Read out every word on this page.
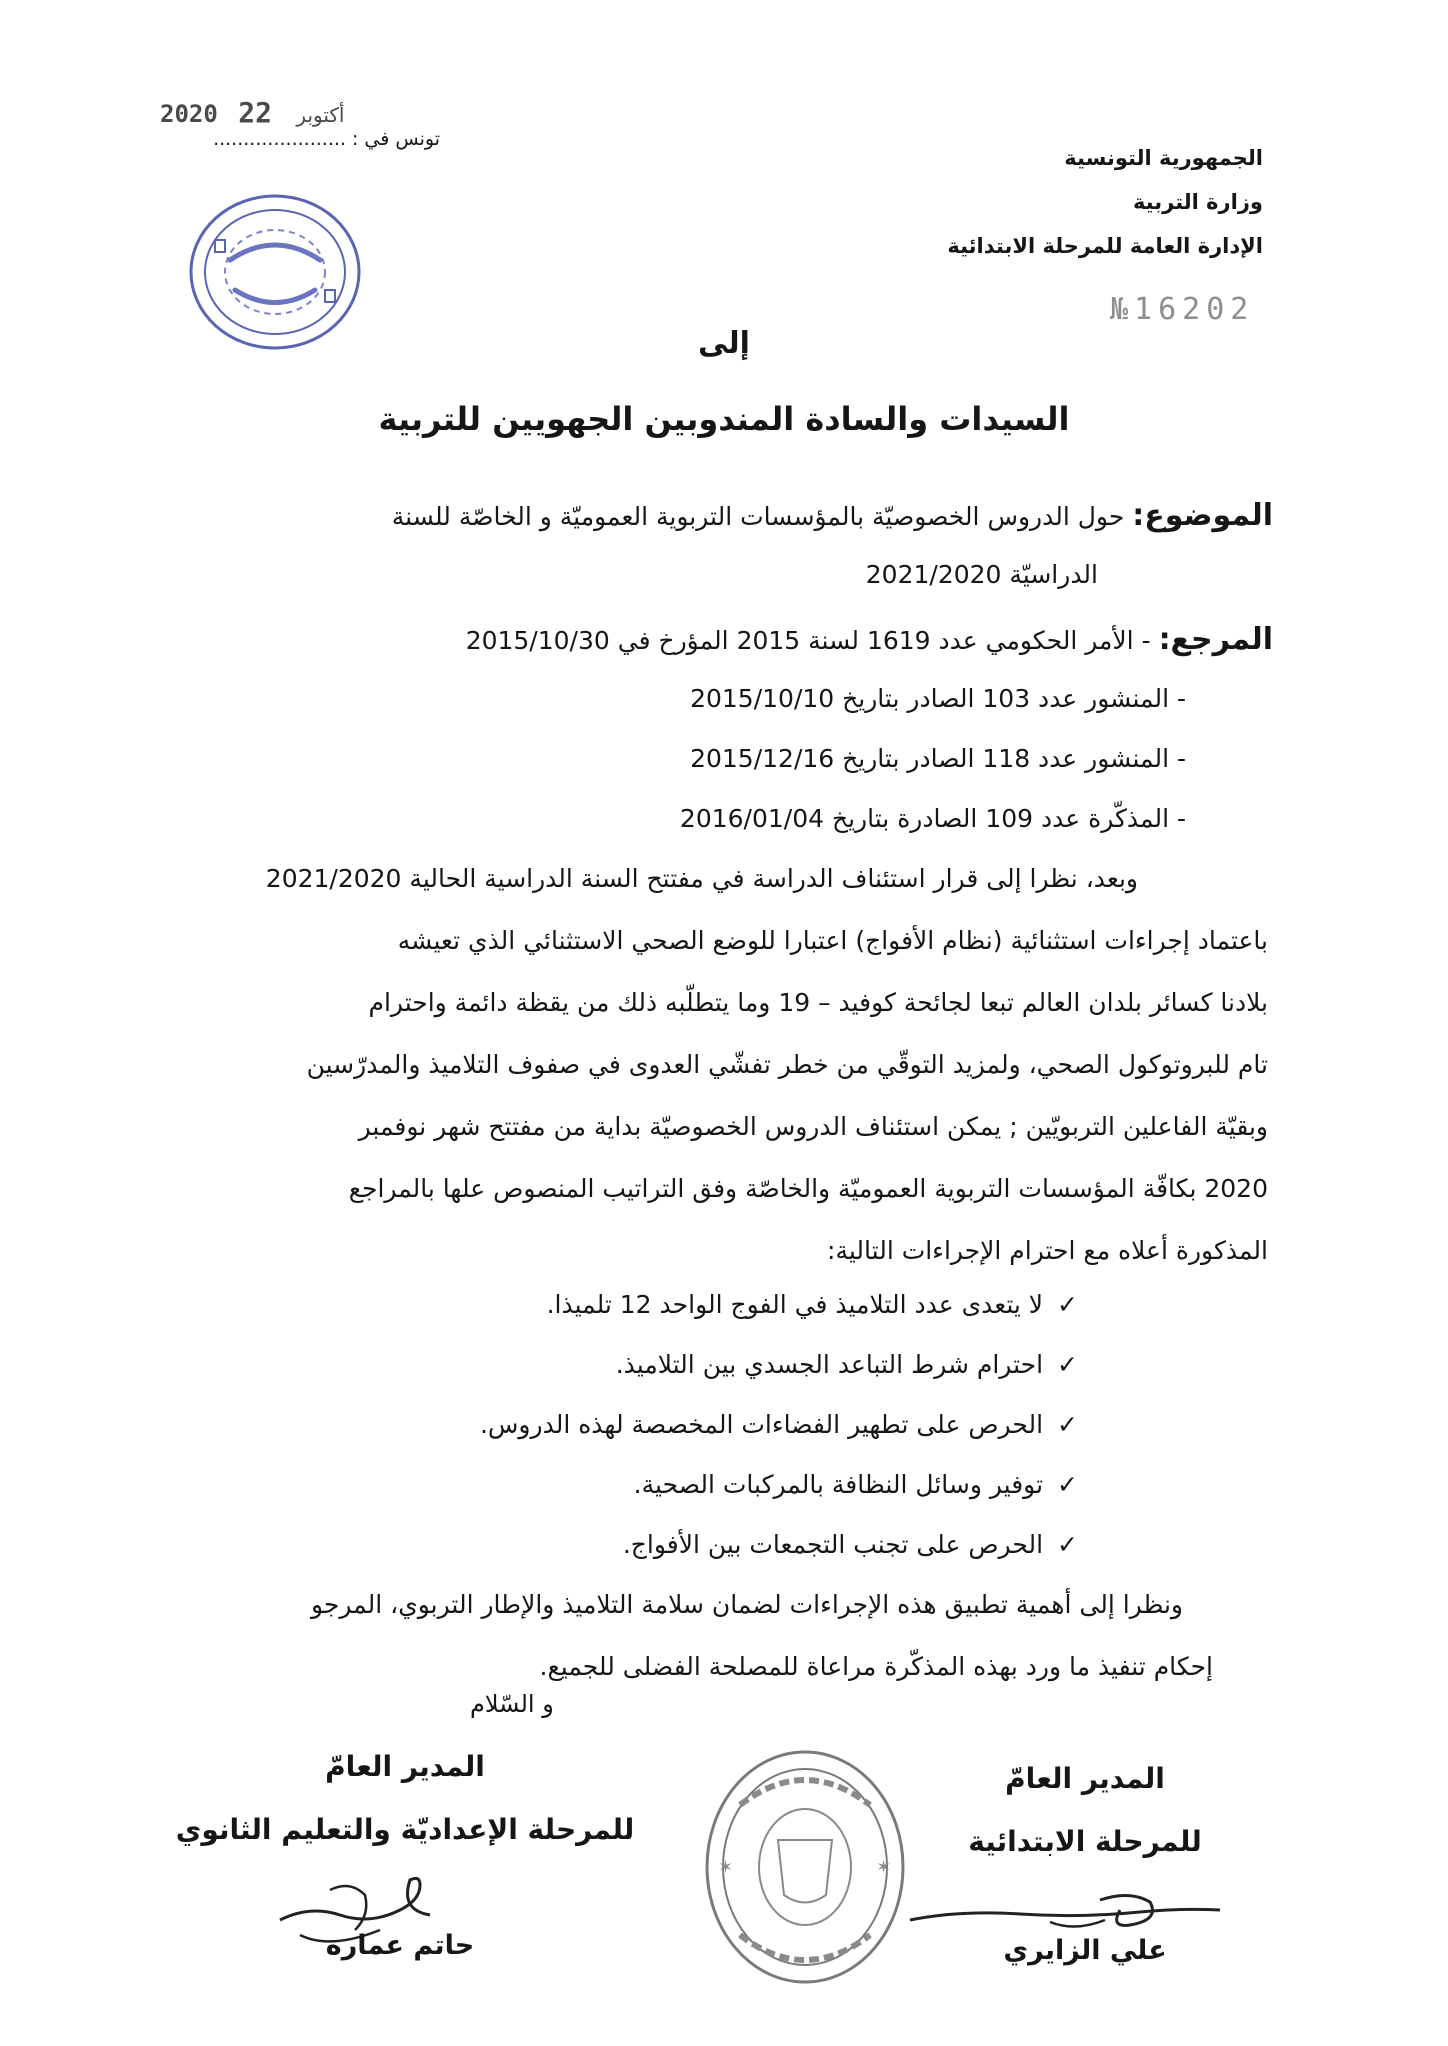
الجمهورية التونسية
وزارة التربية
الإدارة العامة للمرحلة الابتدائية
№16202
2020	أكتوبر 22
تونس في : ......................
إلى
السيدات والسادة المندوبين الجهويين للتربية
الموضوع: حول الدروس الخصوصيّة بالمؤسسات التربوية العموميّة و الخاصّة للسنة
الدراسيّة 2021/2020
المرجع: - الأمر الحكومي عدد 1619 لسنة 2015 المؤرخ في 2015/10/30
- المنشور عدد 103 الصادر بتاريخ 2015/10/10
- المنشور عدد 118 الصادر بتاريخ 2015/12/16
- المذكّرة عدد 109 الصادرة بتاريخ 2016/01/04
وبعد، نظرا إلى قرار استئناف الدراسة في مفتتح السنة الدراسية الحالية 2021/2020
باعتماد إجراءات استثنائية (نظام الأفواج) اعتبارا للوضع الصحي الاستثنائي الذي تعيشه
بلادنا كسائر بلدان العالم تبعا لجائحة كوفيد – 19 وما يتطلّبه ذلك من يقظة دائمة واحترام
تام للبروتوكول الصحي، ولمزيد التوقّي من خطر تفشّي العدوى في صفوف التلاميذ والمدرّسين
وبقيّة الفاعلين التربويّين ; يمكن استئناف الدروس الخصوصيّة بداية من مفتتح شهر نوفمبر
2020 بكافّة المؤسسات التربوية العموميّة والخاصّة وفق التراتيب المنصوص علها بالمراجع
المذكورة أعلاه مع احترام الإجراءات التالية:
✓لا يتعدى عدد التلاميذ في الفوج الواحد 12 تلميذا.
✓احترام شرط التباعد الجسدي بين التلاميذ.
✓الحرص على تطهير الفضاءات المخصصة لهذه الدروس.
✓توفير وسائل النظافة بالمركبات الصحية.
✓الحرص على تجنب التجمعات بين الأفواج.
ونظرا إلى أهمية تطبيق هذه الإجراءات لضمان سلامة التلاميذ والإطار التربوي، المرجو
إحكام تنفيذ ما ورد بهذه المذكّرة مراعاة للمصلحة الفضلى للجميع.
و السّلام
المدير العامّ
للمرحلة الابتدائية
علي الزايري
✶	✶
المدير العامّ
للمرحلة الإعداديّة والتعليم الثانوي
حاتم عمارة
